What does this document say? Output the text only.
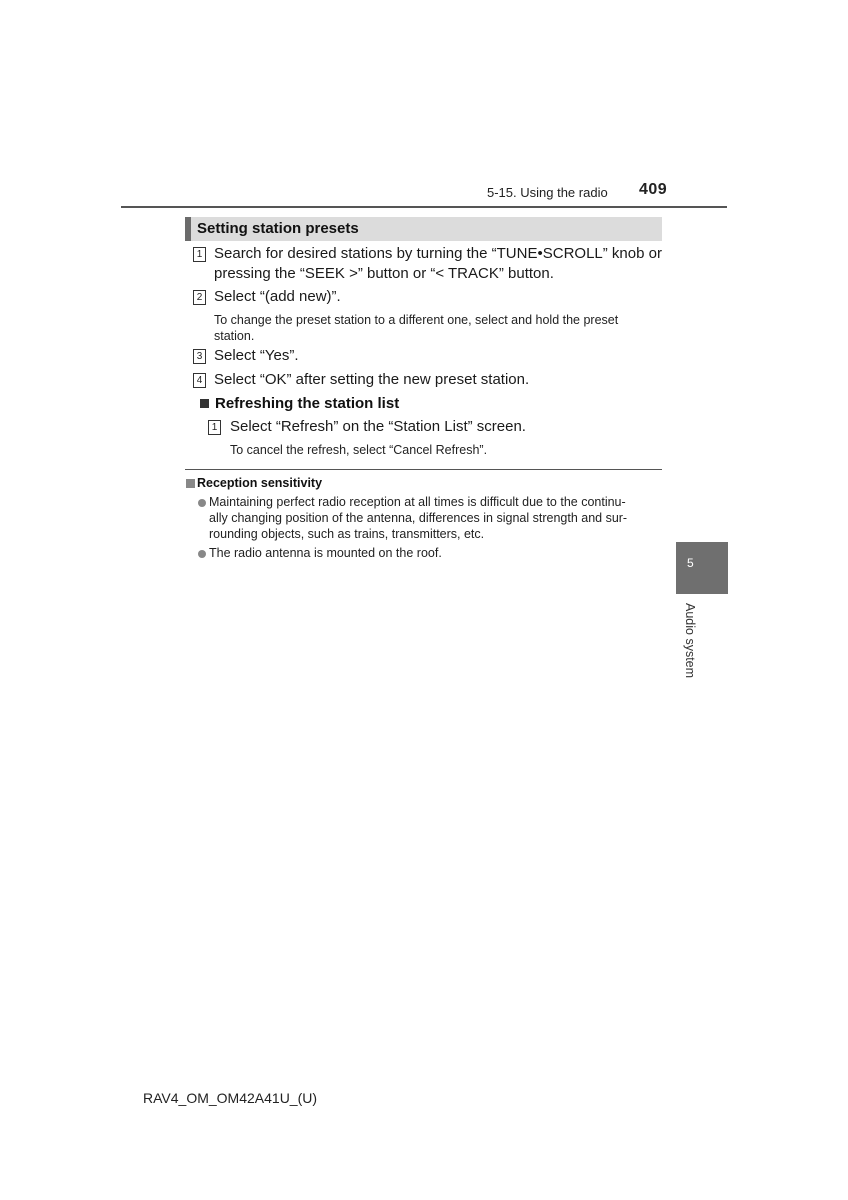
5-15. Using the radio 409
Setting station presets
1 Search for desired stations by turning the “TUNE•SCROLL” knob or
pressing the “SEEK >” button or “< TRACK” button.
2 Select “(add new)”.
To change the preset station to a different one, select and hold the preset
station.
3 Select “Yes”.
4 Select “OK” after setting the new preset station.
Refreshing the station list
1 Select “Refresh” on the “Station List” screen.
To cancel the refresh, select “Cancel Refresh”.
Reception sensitivity
Maintaining perfect radio reception at all times is difficult due to the continu-
ally changing position of the antenna, differences in signal strength and sur-
rounding objects, such as trains, transmitters, etc.
The radio antenna is mounted on the roof.
5
Audio system
RAV4_OM_OM42A41U_(U)
